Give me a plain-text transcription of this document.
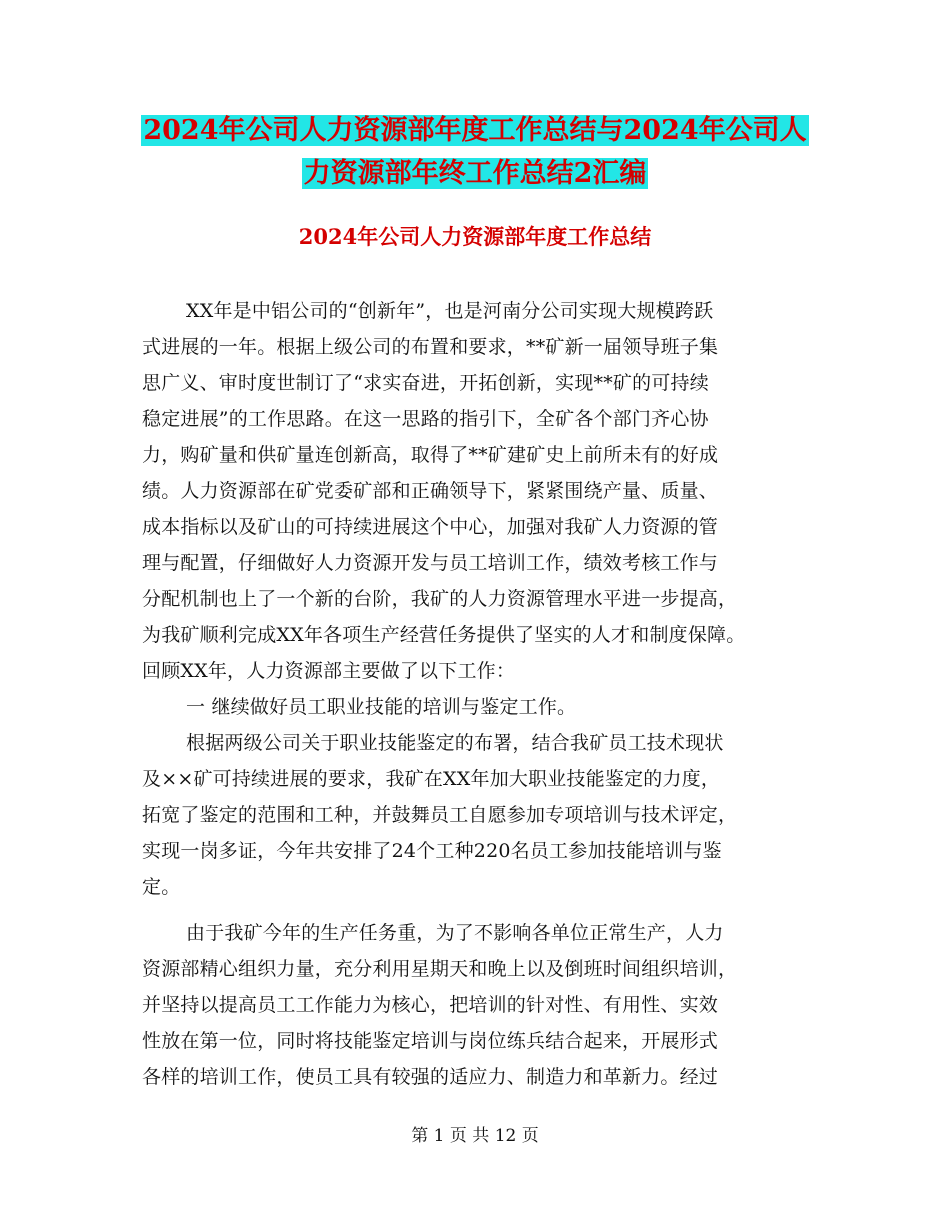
2024年公司人力资源部年度工作总结与2024年公司人
力资源部年终工作总结2汇编
2024年公司人力资源部年度工作总结
XX年是中铝公司的“创新年”，也是河南分公司实现大规模跨跃
式进展的一年。根据上级公司的布置和要求，**矿新一届领导班子集
思广义、审时度世制订了“求实奋进，开拓创新，实现**矿的可持续
稳定进展”的工作思路。在这一思路的指引下，全矿各个部门齐心协
力，购矿量和供矿量连创新高，取得了**矿建矿史上前所未有的好成
绩。人力资源部在矿党委矿部和正确领导下，紧紧围绕产量、质量、
成本指标以及矿山的可持续进展这个中心，加强对我矿人力资源的管
理与配置，仔细做好人力资源开发与员工培训工作，绩效考核工作与
分配机制也上了一个新的台阶，我矿的人力资源管理水平进一步提高，
为我矿顺利完成XX年各项生产经营任务提供了坚实的人才和制度保障。
回顾XX年，人力资源部主要做了以下工作：
一 继续做好员工职业技能的培训与鉴定工作。
根据两级公司关于职业技能鉴定的布署，结合我矿员工技术现状
及××矿可持续进展的要求，我矿在XX年加大职业技能鉴定的力度，
拓宽了鉴定的范围和工种，并鼓舞员工自愿参加专项培训与技术评定，
实现一岗多证，今年共安排了24个工种220名员工参加技能培训与鉴
定。
由于我矿今年的生产任务重，为了不影响各单位正常生产，人力
资源部精心组织力量，充分利用星期天和晚上以及倒班时间组织培训，
并坚持以提高员工工作能力为核心，把培训的针对性、有用性、实效
性放在第一位，同时将技能鉴定培训与岗位练兵结合起来，开展形式
各样的培训工作，使员工具有较强的适应力、制造力和革新力。经过
第 1 页 共 12 页
